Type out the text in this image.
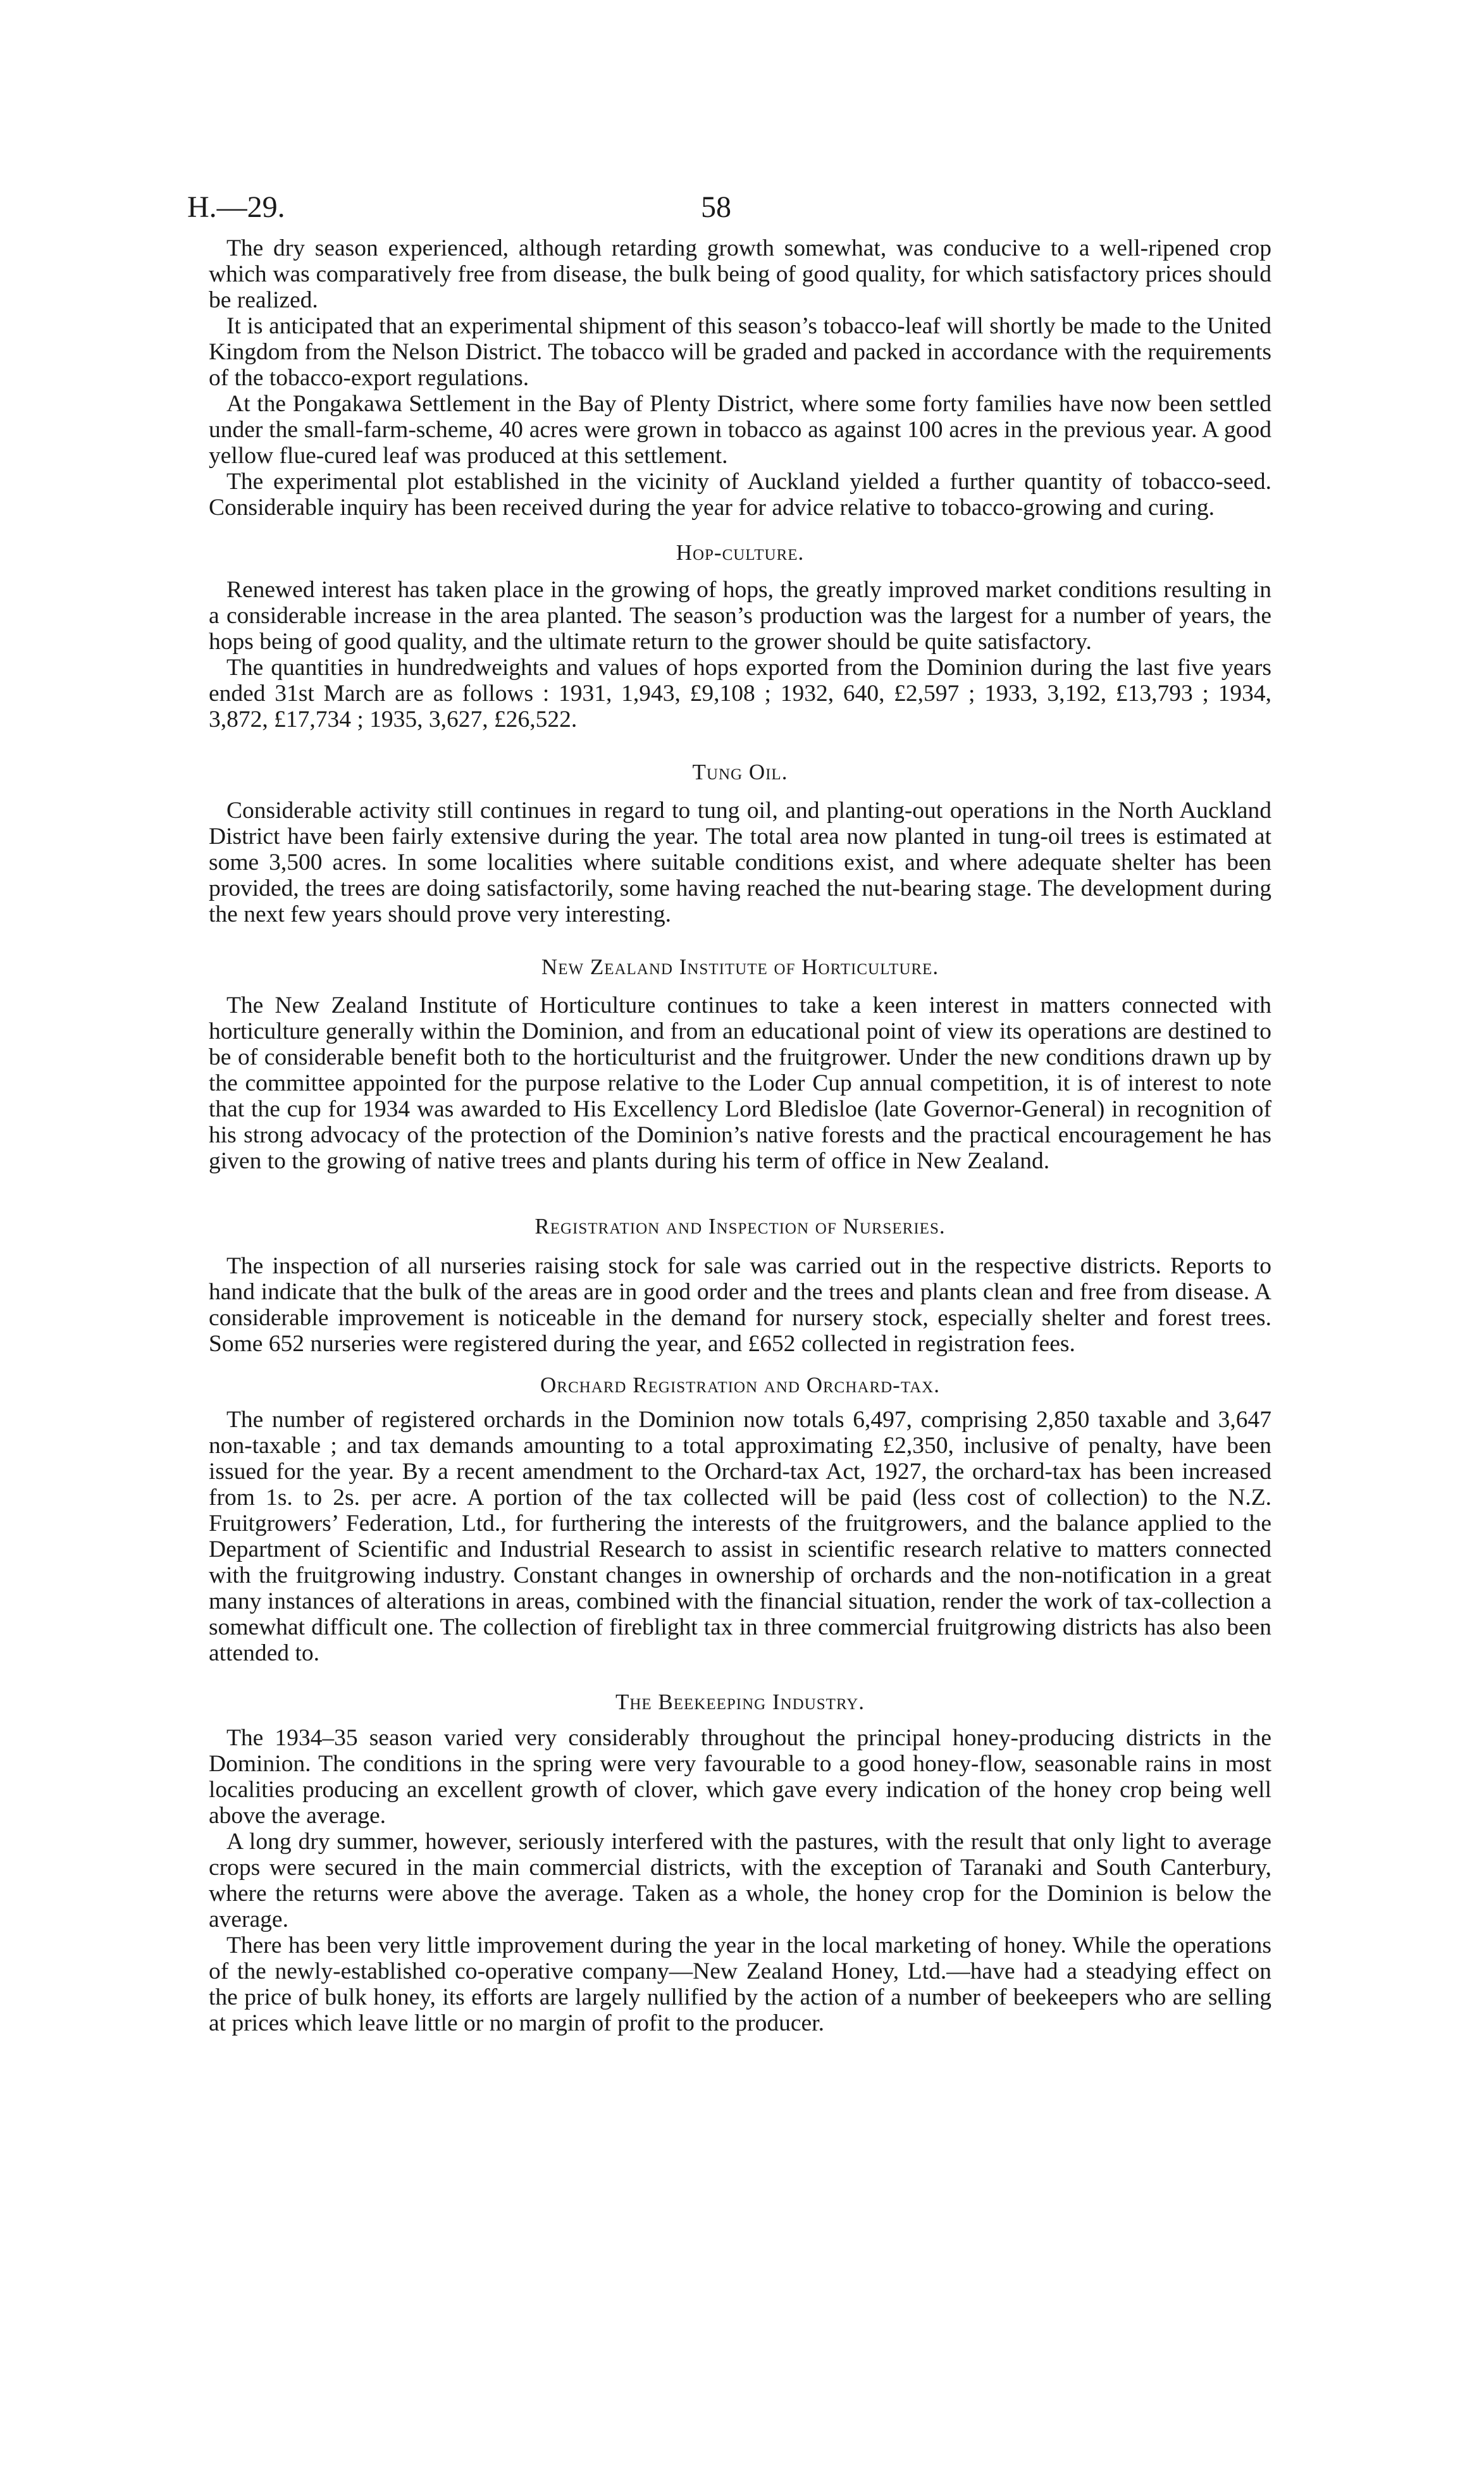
H.—29.	58

The dry season experienced, although retarding growth somewhat, was conducive to a well-ripened crop which was comparatively free from disease, the bulk being of good quality, for which satisfactory prices should be realized.

It is anticipated that an experimental shipment of this season’s tobacco-leaf will shortly be made to the United Kingdom from the Nelson District. The tobacco will be graded and packed in accordance with the requirements of the tobacco-export regulations.

At the Pongakawa Settlement in the Bay of Plenty District, where some forty families have now been settled under the small-farm-scheme, 40 acres were grown in tobacco as against 100 acres in the previous year. A good yellow flue-cured leaf was produced at this settlement.

The experimental plot established in the vicinity of Auckland yielded a further quantity of tobacco-seed. Considerable inquiry has been received during the year for advice relative to tobacco-growing and curing.

Hop-culture.

Renewed interest has taken place in the growing of hops, the greatly improved market conditions resulting in a considerable increase in the area planted. The season’s production was the largest for a number of years, the hops being of good quality, and the ultimate return to the grower should be quite satisfactory.

The quantities in hundredweights and values of hops exported from the Dominion during the last five years ended 31st March are as follows : 1931, 1,943, £9,108 ; 1932, 640, £2,597 ; 1933, 3,192, £13,793 ; 1934, 3,872, £17,734 ; 1935, 3,627, £26,522.

Tung Oil.

Considerable activity still continues in regard to tung oil, and planting-out operations in the North Auckland District have been fairly extensive during the year. The total area now planted in tung-oil trees is estimated at some 3,500 acres. In some localities where suitable conditions exist, and where adequate shelter has been provided, the trees are doing satisfactorily, some having reached the nut-bearing stage. The development during the next few years should prove very interesting.

New Zealand Institute of Horticulture.

The New Zealand Institute of Horticulture continues to take a keen interest in matters connected with horticulture generally within the Dominion, and from an educational point of view its operations are destined to be of considerable benefit both to the horticulturist and the fruitgrower. Under the new conditions drawn up by the committee appointed for the purpose relative to the Loder Cup annual competition, it is of interest to note that the cup for 1934 was awarded to His Excellency Lord Bledisloe (late Governor-General) in recognition of his strong advocacy of the protection of the Dominion’s native forests and the practical encouragement he has given to the growing of native trees and plants during his term of office in New Zealand.

Registration and Inspection of Nurseries.

The inspection of all nurseries raising stock for sale was carried out in the respective districts. Reports to hand indicate that the bulk of the areas are in good order and the trees and plants clean and free from disease. A considerable improvement is noticeable in the demand for nursery stock, especially shelter and forest trees. Some 652 nurseries were registered during the year, and £652 collected in registration fees.

Orchard Registration and Orchard-tax.

The number of registered orchards in the Dominion now totals 6,497, comprising 2,850 taxable and 3,647 non-taxable ; and tax demands amounting to a total approximating £2,350, inclusive of penalty, have been issued for the year. By a recent amendment to the Orchard-tax Act, 1927, the orchard-tax has been increased from 1s. to 2s. per acre. A portion of the tax collected will be paid (less cost of collection) to the N.Z. Fruitgrowers’ Federation, Ltd., for furthering the interests of the fruitgrowers, and the balance applied to the Department of Scientific and Industrial Research to assist in scientific research relative to matters connected with the fruitgrowing industry. Constant changes in ownership of orchards and the non-notification in a great many instances of alterations in areas, combined with the financial situation, render the work of tax-collection a somewhat difficult one. The collection of fireblight tax in three commercial fruitgrowing districts has also been attended to.

The Beekeeping Industry.

The 1934–35 season varied very considerably throughout the principal honey-producing districts in the Dominion. The conditions in the spring were very favourable to a good honey-flow, seasonable rains in most localities producing an excellent growth of clover, which gave every indication of the honey crop being well above the average.

A long dry summer, however, seriously interfered with the pastures, with the result that only light to average crops were secured in the main commercial districts, with the exception of Taranaki and South Canterbury, where the returns were above the average. Taken as a whole, the honey crop for the Dominion is below the average.

There has been very little improvement during the year in the local marketing of honey. While the operations of the newly-established co-operative company—New Zealand Honey, Ltd.—have had a steadying effect on the price of bulk honey, its efforts are largely nullified by the action of a number of beekeepers who are selling at prices which leave little or no margin of profit to the producer.
